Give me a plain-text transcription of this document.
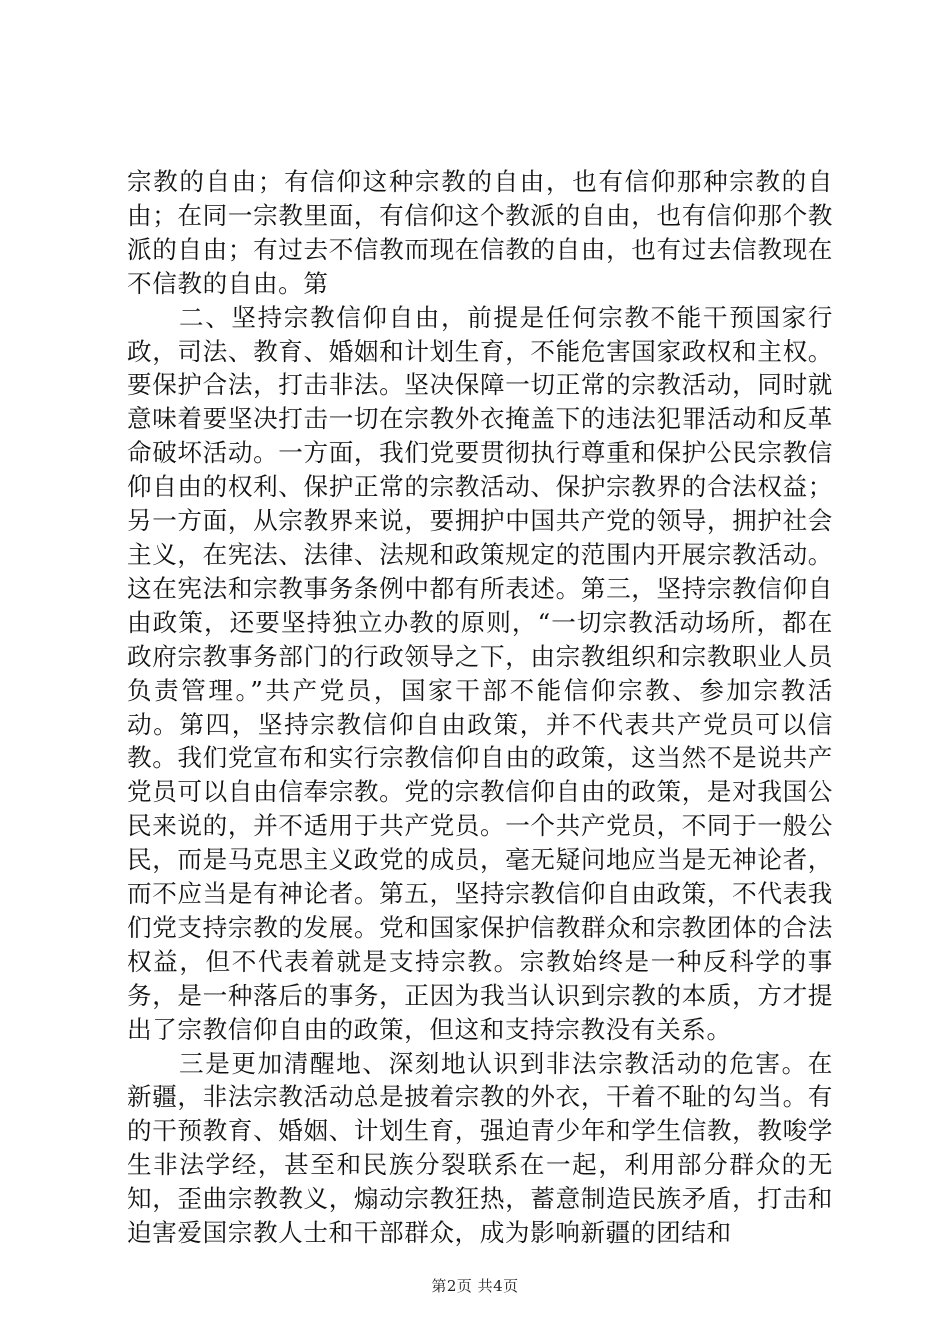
宗教的自由；有信仰这种宗教的自由，也有信仰那种宗教的自由；在同一宗教里面，有信仰这个教派的自由，也有信仰那个教派的自由；有过去不信教而现在信教的自由，也有过去信教现在不信教的自由。第

二、坚持宗教信仰自由，前提是任何宗教不能干预国家行政，司法、教育、婚姻和计划生育，不能危害国家政权和主权。要保护合法，打击非法。坚决保障一切正常的宗教活动，同时就意味着要坚决打击一切在宗教外衣掩盖下的违法犯罪活动和反革命破坏活动。一方面，我们党要贯彻执行尊重和保护公民宗教信仰自由的权利、保护正常的宗教活动、保护宗教界的合法权益；另一方面，从宗教界来说，要拥护中国共产党的领导，拥护社会主义，在宪法、法律、法规和政策规定的范围内开展宗教活动。这在宪法和宗教事务条例中都有所表述。第三，坚持宗教信仰自由政策，还要坚持独立办教的原则，“一切宗教活动场所，都在政府宗教事务部门的行政领导之下，由宗教组织和宗教职业人员负责管理。”共产党员，国家干部不能信仰宗教、参加宗教活动。第四，坚持宗教信仰自由政策，并不代表共产党员可以信教。我们党宣布和实行宗教信仰自由的政策，这当然不是说共产党员可以自由信奉宗教。党的宗教信仰自由的政策，是对我国公民来说的，并不适用于共产党员。一个共产党员，不同于一般公民，而是马克思主义政党的成员，毫无疑问地应当是无神论者，而不应当是有神论者。第五，坚持宗教信仰自由政策，不代表我们党支持宗教的发展。党和国家保护信教群众和宗教团体的合法权益，但不代表着就是支持宗教。宗教始终是一种反科学的事务，是一种落后的事务，正因为我当认识到宗教的本质，方才提出了宗教信仰自由的政策，但这和支持宗教没有关系。

三是更加清醒地、深刻地认识到非法宗教活动的危害。在新疆，非法宗教活动总是披着宗教的外衣，干着不耻的勾当。有的干预教育、婚姻、计划生育，强迫青少年和学生信教，教唆学生非法学经，甚至和民族分裂联系在一起，利用部分群众的无知，歪曲宗教教义，煽动宗教狂热，蓄意制造民族矛盾，打击和迫害爱国宗教人士和干部群众，成为影响新疆的团结和

第2页 共4页
